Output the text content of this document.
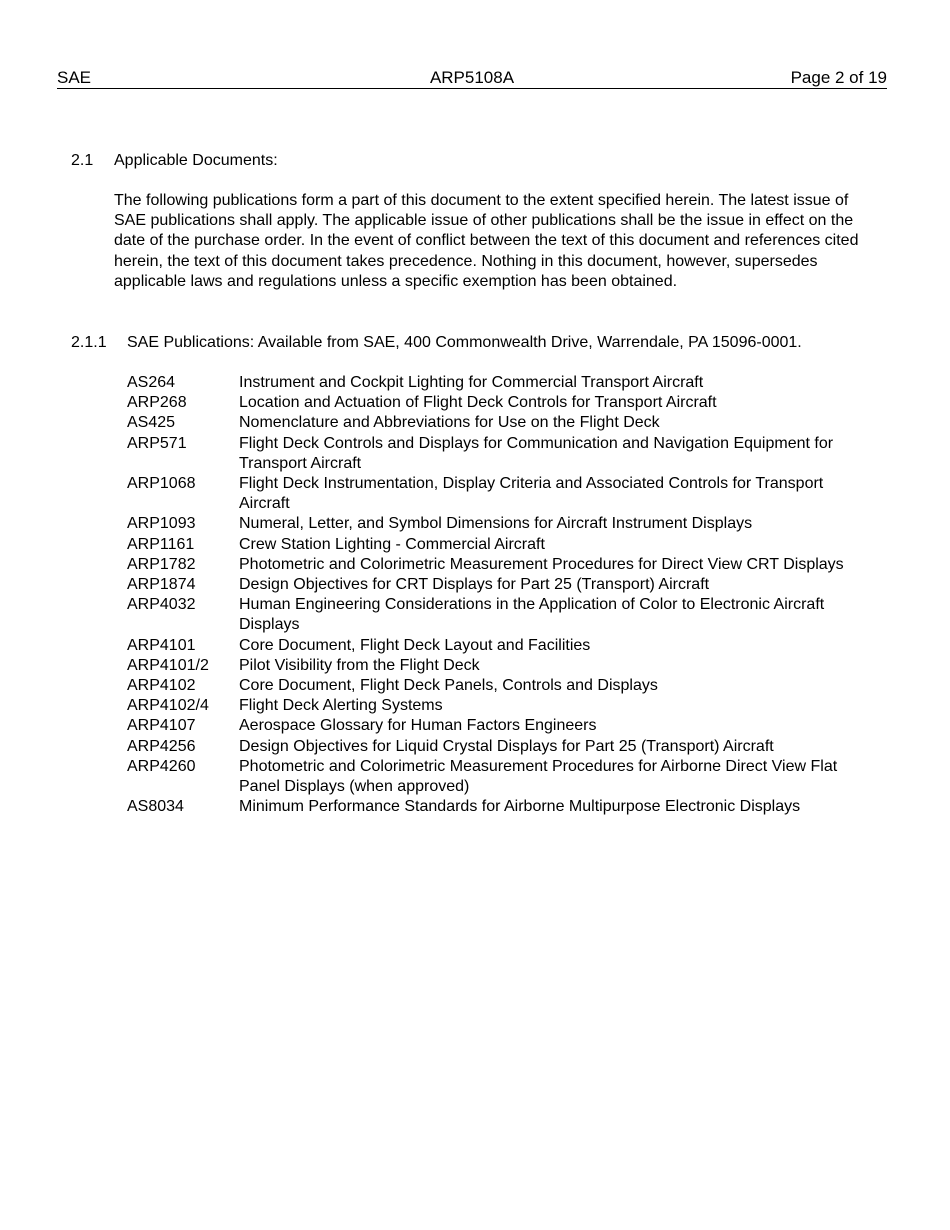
SAE	ARP5108A	Page 2 of 19
2.1 Applicable Documents:

The following publications form a part of this document to the extent specified herein. The latest issue of SAE publications shall apply. The applicable issue of other publications shall be the issue in effect on the date of the purchase order. In the event of conflict between the text of this document and references cited herein, the text of this document takes precedence. Nothing in this document, however, supersedes applicable laws and regulations unless a specific exemption has been obtained.

2.1.1 SAE Publications: Available from SAE, 400 Commonwealth Drive, Warrendale, PA 15096-0001.
AS264	Instrument and Cockpit Lighting for Commercial Transport Aircraft
ARP268	Location and Actuation of Flight Deck Controls for Transport Aircraft
AS425	Nomenclature and Abbreviations for Use on the Flight Deck
ARP571	Flight Deck Controls and Displays for Communication and Navigation Equipment for Transport Aircraft
ARP1068	Flight Deck Instrumentation, Display Criteria and Associated Controls for Transport Aircraft
ARP1093	Numeral, Letter, and Symbol Dimensions for Aircraft Instrument Displays
ARP1161	Crew Station Lighting - Commercial Aircraft
ARP1782	Photometric and Colorimetric Measurement Procedures for Direct View CRT Displays
ARP1874	Design Objectives for CRT Displays for Part 25 (Transport) Aircraft
ARP4032	Human Engineering Considerations in the Application of Color to Electronic Aircraft Displays
ARP4101	Core Document, Flight Deck Layout and Facilities
ARP4101/2	Pilot Visibility from the Flight Deck
ARP4102	Core Document, Flight Deck Panels, Controls and Displays
ARP4102/4	Flight Deck Alerting Systems
ARP4107	Aerospace Glossary for Human Factors Engineers
ARP4256	Design Objectives for Liquid Crystal Displays for Part 25 (Transport) Aircraft
ARP4260	Photometric and Colorimetric Measurement Procedures for Airborne Direct View Flat Panel Displays (when approved)
AS8034	Minimum Performance Standards for Airborne Multipurpose Electronic Displays
